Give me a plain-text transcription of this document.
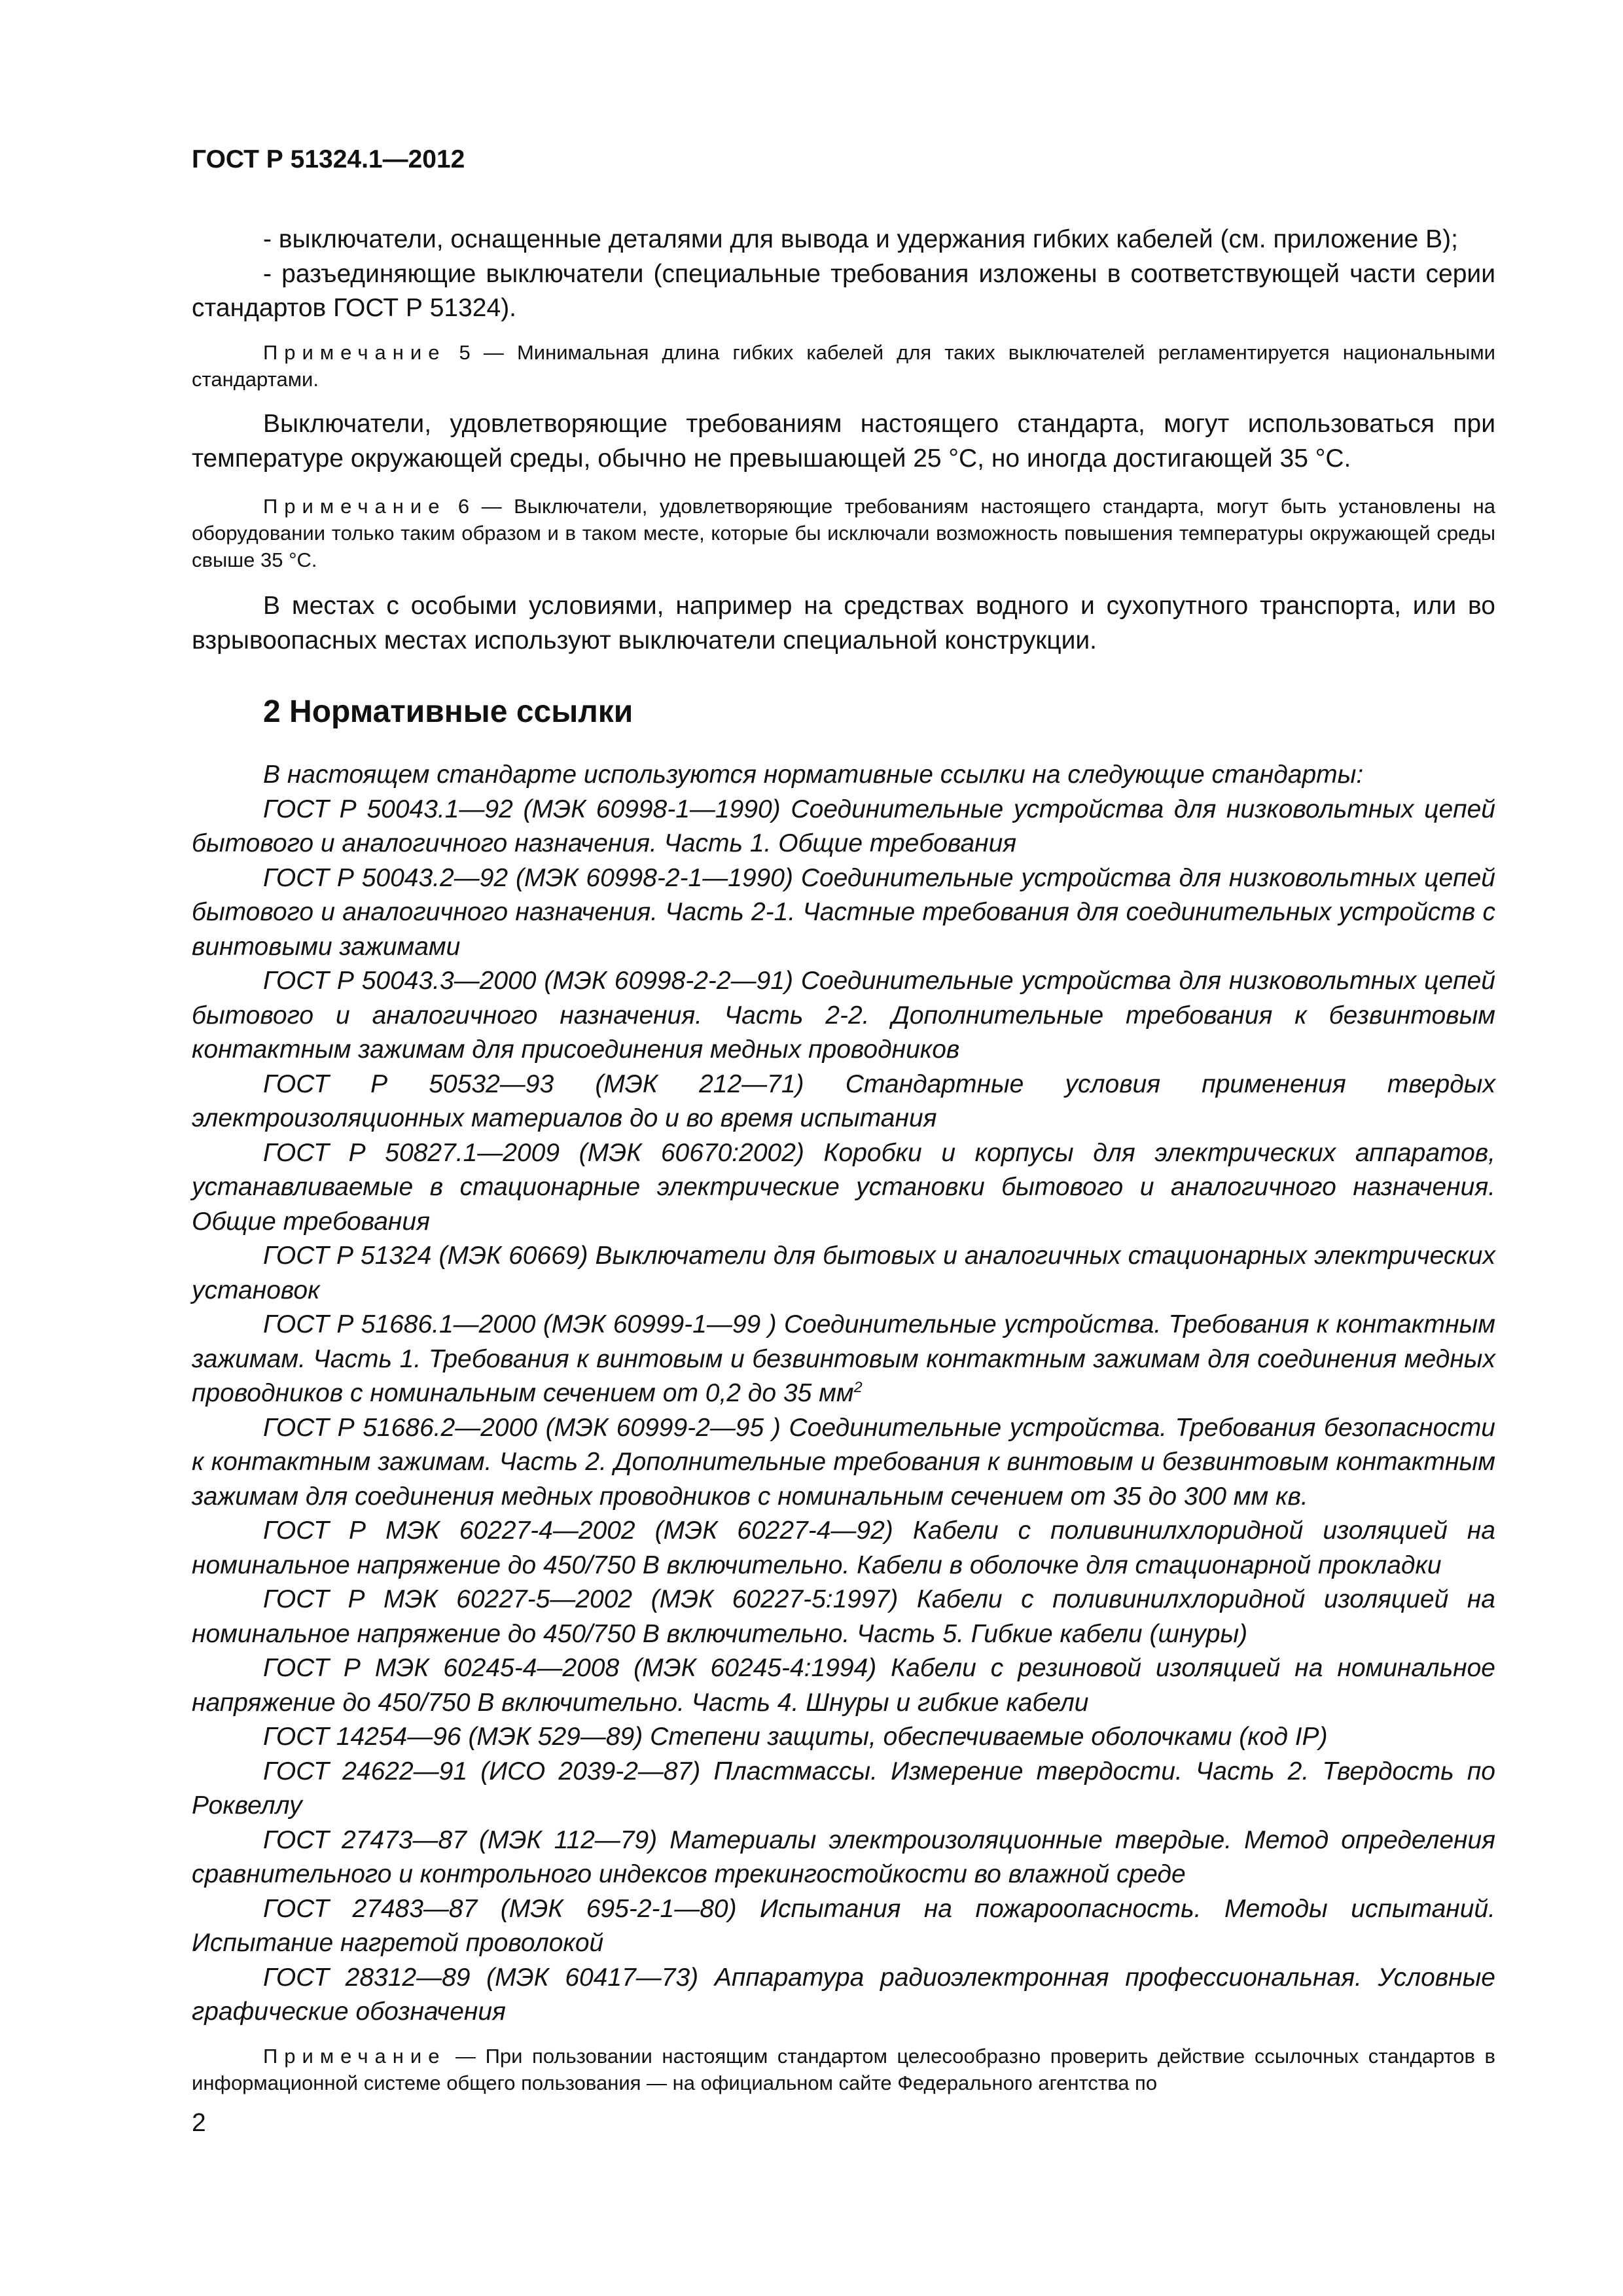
ГОСТ Р 51324.1—2012

- выключатели, оснащенные деталями для вывода и удержания гибких кабелей (см. приложение В);

- разъединяющие выключатели (специальные требования изложены в соответствующей части серии стандартов ГОСТ Р 51324).

Примечание 5 — Минимальная длина гибких кабелей для таких выключателей регламентируется национальными стандартами.

Выключатели, удовлетворяющие требованиям настоящего стандарта, могут использоваться при температуре окружающей среды, обычно не превышающей 25 °С, но иногда достигающей 35 °С.

Примечание 6 — Выключатели, удовлетворяющие требованиям настоящего стандарта, могут быть установлены на оборудовании только таким образом и в таком месте, которые бы исключали возможность повышения температуры окружающей среды свыше 35 °С.

В местах с особыми условиями, например на средствах водного и сухопутного транспорта, или во взрывоопасных местах используют выключатели специальной конструкции.

2 Нормативные ссылки

В настоящем стандарте используются нормативные ссылки на следующие стандарты:

ГОСТ Р 50043.1—92 (МЭК 60998-1—1990) Соединительные устройства для низковольтных цепей бытового и аналогичного назначения. Часть 1. Общие требования

ГОСТ Р 50043.2—92 (МЭК 60998-2-1—1990) Соединительные устройства для низковольтных цепей бытового и аналогичного назначения. Часть 2-1. Частные требования для соединительных устройств с винтовыми зажимами

ГОСТ Р 50043.3—2000 (МЭК 60998-2-2—91) Соединительные устройства для низковольтных цепей бытового и аналогичного назначения. Часть 2-2. Дополнительные требования к безвинтовым контактным зажимам для присоединения медных проводников

ГОСТ Р 50532—93 (МЭК 212—71) Стандартные условия применения твердых электроизоляционных материалов до и во время испытания

ГОСТ Р 50827.1—2009 (МЭК 60670:2002) Коробки и корпусы для электрических аппаратов, устанавливаемые в стационарные электрические установки бытового и аналогичного назначения. Общие требования

ГОСТ Р 51324 (МЭК 60669) Выключатели для бытовых и аналогичных стационарных электрических установок

ГОСТ Р 51686.1—2000 (МЭК 60999-1—99 ) Соединительные устройства. Требования к контактным зажимам. Часть 1. Требования к винтовым и безвинтовым контактным зажимам для соединения медных проводников с номинальным сечением от 0,2 до 35 $мм^2$

ГОСТ Р 51686.2—2000 (МЭК 60999-2—95 ) Соединительные устройства. Требования безопасности к контактным зажимам. Часть 2. Дополнительные требования к винтовым и безвинтовым контактным зажимам для соединения медных проводников с номинальным сечением от 35 до 300 мм кв.

ГОСТ Р МЭК 60227-4—2002 (МЭК 60227-4—92) Кабели с поливинилхлоридной изоляцией на номинальное напряжение до 450/750 В включительно. Кабели в оболочке для стационарной прокладки

ГОСТ Р МЭК 60227-5—2002 (МЭК 60227-5:1997) Кабели с поливинилхлоридной изоляцией на номинальное напряжение до 450/750 В включительно. Часть 5. Гибкие кабели (шнуры)

ГОСТ Р МЭК 60245-4—2008 (МЭК 60245-4:1994) Кабели с резиновой изоляцией на номинальное напряжение до 450/750 В включительно. Часть 4. Шнуры и гибкие кабели

ГОСТ 14254—96 (МЭК 529—89) Степени защиты, обеспечиваемые оболочками (код IP)

ГОСТ 24622—91 (ИСО 2039-2—87) Пластмассы. Измерение твердости. Часть 2. Твердость по Роквеллу

ГОСТ 27473—87 (МЭК 112—79) Материалы электроизоляционные твердые. Метод определения сравнительного и контрольного индексов трекингостойкости во влажной среде

ГОСТ 27483—87 (МЭК 695-2-1—80) Испытания на пожароопасность. Методы испытаний. Испытание нагретой проволокой

ГОСТ 28312—89 (МЭК 60417—73) Аппаратура радиоэлектронная профессиональная. Условные графические обозначения

Примечание — При пользовании настоящим стандартом целесообразно проверить действие ссылочных стандартов в информационной системе общего пользования — на официальном сайте Федерального агентства по

2
